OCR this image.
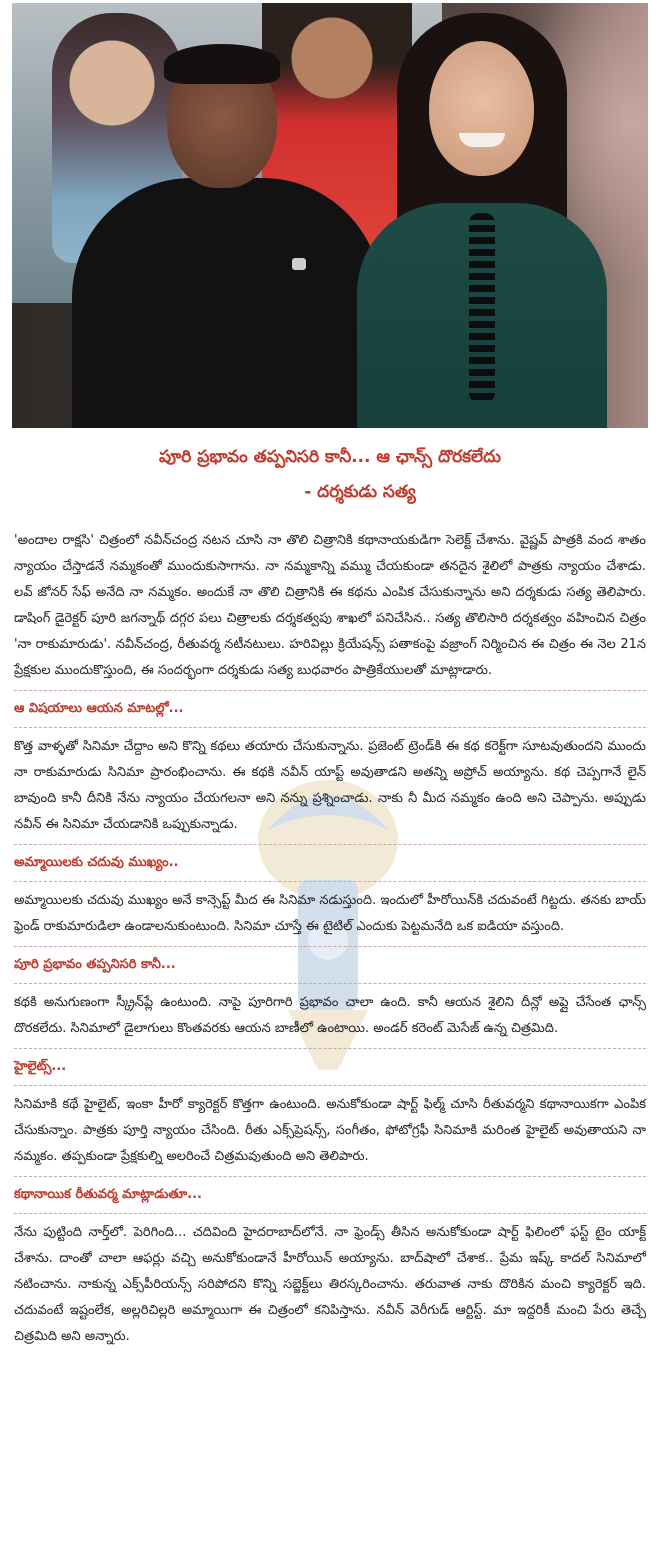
పూరి ప్రభావం తప్పనిసరి కానీ... ఆ ఛాన్స్ దొరకలేదు
- దర్శకుడు సత్య

'అందాల రాక్షసి' చిత్రంలో నవీన్‌చంద్ర నటన చూసి నా తొలి చిత్రానికి కథానాయకుడిగా సెలెక్ట్ చేశాను. వైష్ణవ్ పాత్రకి వంద శాతం న్యాయం చేస్తాడనే నమ్మకంతో ముందుకుసాగాను. నా నమ్మకాన్ని వమ్ము చేయకుండా తనదైన శైలిలో పాత్రకు న్యాయం చేశాడు. లవ్ జోనర్ సేఫ్ అనేది నా నమ్మకం. అందుకే నా తొలి చిత్రానికి ఈ కథను ఎంపిక చేసుకున్నాను అని దర్శకుడు సత్య తెలిపారు. డాషింగ్ డైరెక్టర్ పూరి జగన్నాథ్ దగ్గర పలు చిత్రాలకు దర్శకత్వపు శాఖలో పనిచేసిన.. సత్య తొలిసారి దర్శకత్వం వహించిన చిత్రం 'నా రాకుమారుడు'. నవీన్‌చంద్ర, రీతువర్మ నటీనటులు. హరివిల్లు క్రియేషన్స్ పతాకంపై వజ్రాంగ్ నిర్మించిన ఈ చిత్రం ఈ నెల 21న ప్రేక్షకుల ముందుకొస్తుంది, ఈ సందర్భంగా దర్శకుడు సత్య బుధవారం పాత్రికేయులతో మాట్లాడారు.

ఆ విషయాలు ఆయన మాటల్లో...

కొత్త వాళ్ళతో సినిమా చేద్దాం అని కొన్ని కథలు తయారు చేసుకున్నాను. ప్రజెంట్ ట్రెండ్‌కి ఈ కథ కరెక్ట్‌గా సూటవుతుందని ముందు నా రాకుమారుడు సినిమా ప్రారంభించాను. ఈ కథకి నవీన్ యాప్ట్ అవుతాడని అతన్ని అప్రోచ్ అయ్యాను. కథ చెప్పగానే లైన్ బావుంది కానీ దీనికి నేను న్యాయం చేయగలనా అని నన్ను ప్రశ్నించాడు. నాకు నీ మీద నమ్మకం ఉంది అని చెప్పాను. అప్పుడు నవీన్ ఈ సినిమా చేయడానికి ఒప్పుకున్నాడు.

అమ్మాయిలకు చదువు ముఖ్యం..

అమ్మాయిలకు చదువు ముఖ్యం అనే కాన్సెప్ట్ మీద ఈ సినిమా నడుస్తుంది. ఇందులో హీరోయిన్‌కి చదువంటే గిట్టదు. తనకు బాయ్ ఫ్రెండ్ రాకుమారుడిలా ఉండాలనుకుంటుంది. సినిమా చూస్తే ఈ టైటిల్ ఎందుకు పెట్టమనేది ఒక ఐడియా వస్తుంది.

పూరి ప్రభావం తప్పనిసరి కానీ...

కథకి అనుగుణంగా స్క్రీన్‌ప్లే ఉంటుంది. నాపై పూరిగారి ప్రభావం చాలా ఉంది. కానీ ఆయన శైలిని దీన్లో అప్లై చేసేంత ఛాన్స్ దొరకలేదు. సినిమాలో డైలాగులు కొంతవరకు ఆయన బాణీలో ఉంటాయి. అండర్ కరెంట్ మెసేజ్ ఉన్న చిత్రమిది.

హైలైట్స్...

సినిమాకి కథే హైలైట్, ఇంకా హీరో క్యారెక్టర్ కొత్తగా ఉంటుంది. అనుకోకుండా షార్ట్ ఫిల్మ్ చూసి రీతువర్మని కథానాయికగా ఎంపిక చేసుకున్నాం. పాత్రకు పూర్తి న్యాయం చేసింది. రీతు ఎక్స్‌ప్రెషన్స్, సంగీతం, ఫోటోగ్రఫీ సినిమాకి మరింత హైలైట్ అవుతాయని నా నమ్మకం. తప్పకుండా ప్రేక్షకుల్ని అలరించే చిత్రమవుతుంది అని తెలిపారు.

కథానాయిక రీతువర్మ మాట్లాడుతూ...

నేను పుట్టింది నార్త్‌లో. పెరిగింది... చదివింది హైదరాబాద్‌లోనే. నా ఫ్రెండ్స్ తీసిన అనుకోకుండా షార్ట్ ఫిలింలో ఫస్ట్ టైం యాక్ట్ చేశాను. దాంతో చాలా ఆఫర్లు వచ్చి అనుకోకుండానే హీరోయిన్ అయ్యాను. బాద్‌షాలో చేశాక.. ప్రేమ ఇష్క్ కాదల్ సినిమాలో నటించాను. నాకున్న ఎక్స్‌పీరియన్స్ సరిపోదని కొన్ని సబ్జెక్ట్‌లు తిరస్కరించాను. తరువాత నాకు దొరికిన మంచి క్యారెక్టర్ ఇది. చదువంటే ఇష్టంలేక, అల్లరిచిల్లరి అమ్మాయిగా ఈ చిత్రంలో కనిపిస్తాను. నవీన్ వెరీగుడ్ ఆర్టిస్ట్. మా ఇద్దరికీ మంచి పేరు తెచ్చే చిత్రమిది అని అన్నారు.
